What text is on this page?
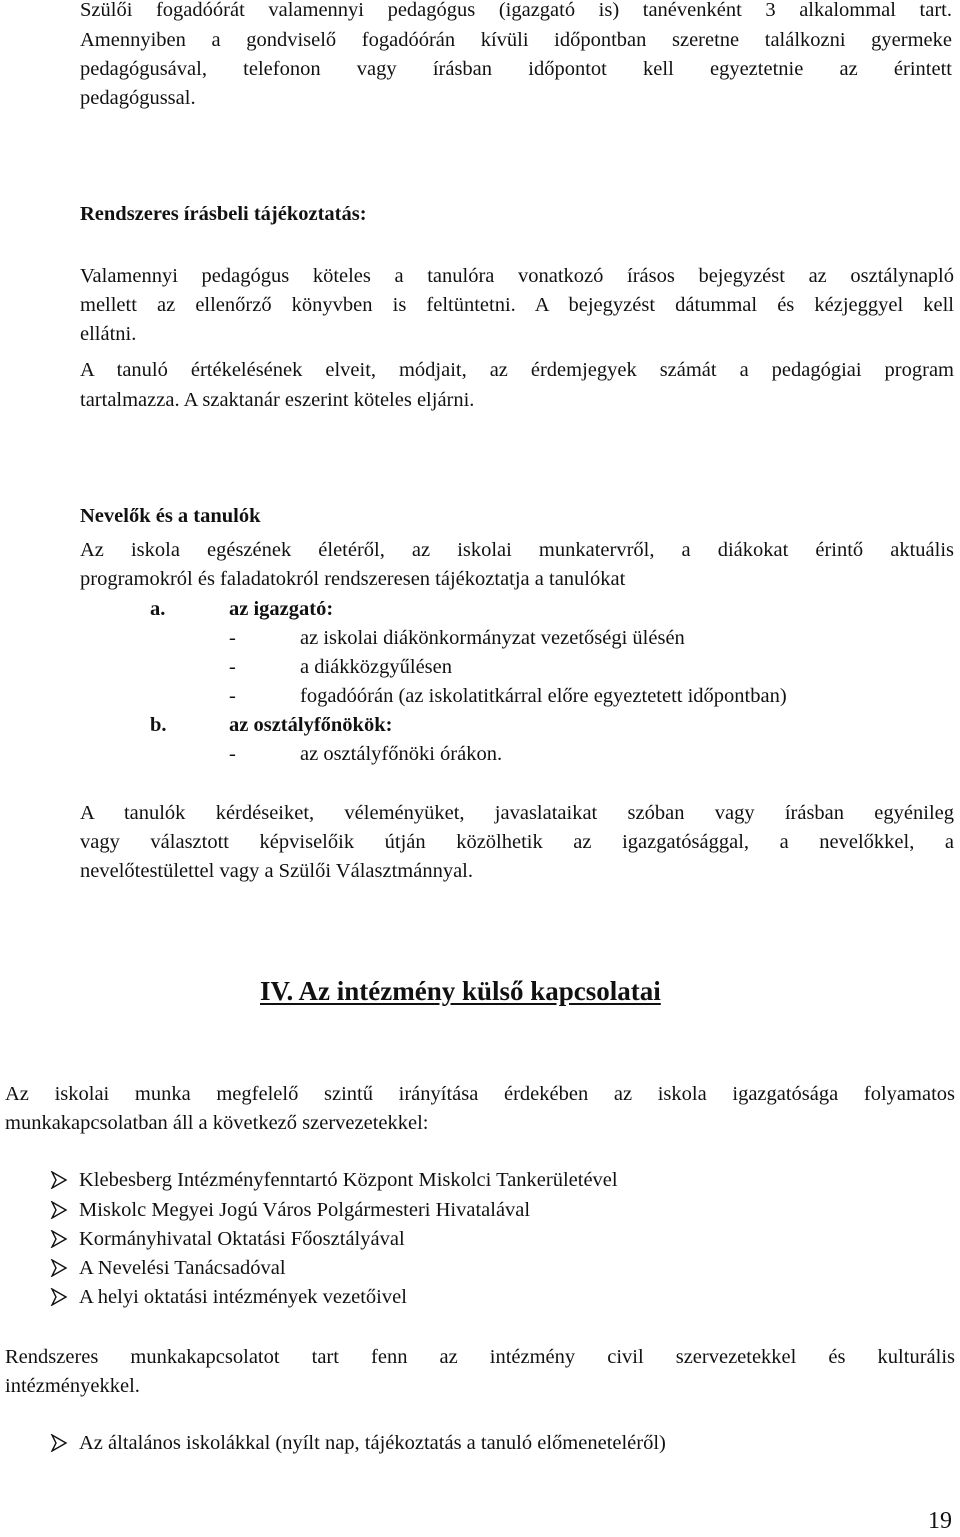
Szülői fogadóórát valamennyi pedagógus (igazgató is) tanévenként 3 alkalommal tart.
Amennyiben a gondviselő fogadóórán kívüli időpontban szeretne találkozni gyermeke
pedagógusával, telefonon vagy írásban időpontot kell egyeztetnie az érintett
pedagógussal.
Rendszeres írásbeli tájékoztatás:
Valamennyi pedagógus köteles a tanulóra vonatkozó írásos bejegyzést az osztálynapló
mellett az ellenőrző könyvben is feltüntetni. A bejegyzést dátummal és kézjeggyel kell
ellátni.
A tanuló értékelésének elveit, módjait, az érdemjegyek számát a pedagógiai program
tartalmazza. A szaktanár eszerint köteles eljárni.
Nevelők és a tanulók
Az iskola egészének életéről, az iskolai munkatervről, a diákokat érintő aktuális
programokról és faladatokról rendszeresen tájékoztatja a tanulókat
a.	az igazgató:
-	az iskolai diákönkormányzat vezetőségi ülésén
-	a diákközgyűlésen
-	fogadóórán (az iskolatitkárral előre egyeztetett időpontban)
b.	az osztályfőnökök:
-	az osztályfőnöki órákon.
A tanulók kérdéseiket, véleményüket, javaslataikat szóban vagy írásban egyénileg
vagy választott képviselőik útján közölhetik az igazgatósággal, a nevelőkkel, a
nevelőtestülettel vagy a Szülői Választmánnyal.
IV. Az intézmény külső kapcsolatai
Az iskolai munka megfelelő szintű irányítása érdekében az iskola igazgatósága folyamatos
munkakapcsolatban áll a következő szervezetekkel:
Klebesberg Intézményfenntartó Központ Miskolci Tankerületével
Miskolc Megyei Jogú Város Polgármesteri Hivatalával
Kormányhivatal Oktatási Főosztályával
A Nevelési Tanácsadóval
A helyi oktatási intézmények vezetőivel
Rendszeres munkakapcsolatot tart fenn az intézmény civil szervezetekkel és kulturális
intézményekkel.
Az általános iskolákkal (nyílt nap, tájékoztatás a tanuló előmeneteléről)
19
